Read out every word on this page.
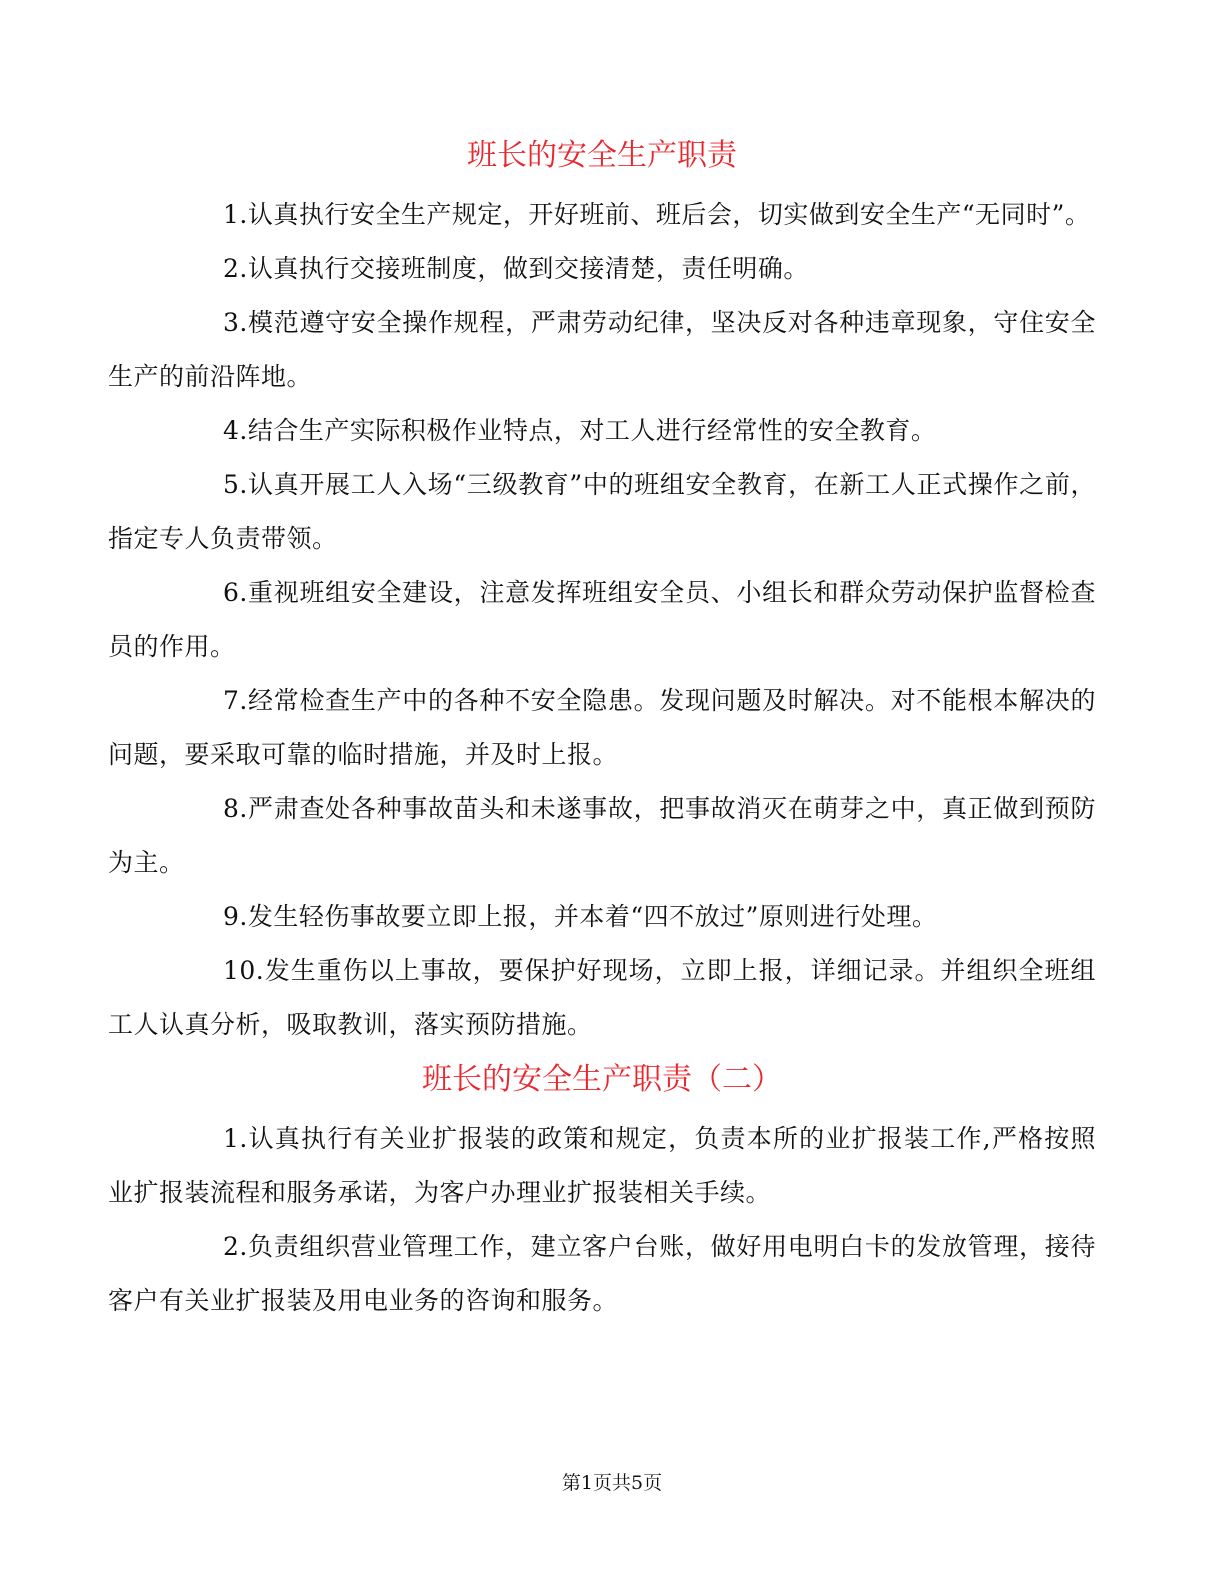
班长的安全生产职责

1.认真执行安全生产规定，开好班前、班后会，切实做到安全生产“无同时”。

2.认真执行交接班制度，做到交接清楚，责任明确。

3.模范遵守安全操作规程，严肃劳动纪律，坚决反对各种违章现象，守住安全生产的前沿阵地。

4.结合生产实际积极作业特点，对工人进行经常性的安全教育。

5.认真开展工人入场“三级教育”中的班组安全教育，在新工人正式操作之前，指定专人负责带领。

6.重视班组安全建设，注意发挥班组安全员、小组长和群众劳动保护监督检查员的作用。

7.经常检查生产中的各种不安全隐患。发现问题及时解决。对不能根本解决的问题，要采取可靠的临时措施，并及时上报。

8.严肃查处各种事故苗头和未遂事故，把事故消灭在萌芽之中，真正做到预防为主。

9.发生轻伤事故要立即上报，并本着“四不放过”原则进行处理。

10.发生重伤以上事故，要保护好现场，立即上报，详细记录。并组织全班组工人认真分析，吸取教训，落实预防措施。

班长的安全生产职责（二）

1.认真执行有关业扩报装的政策和规定，负责本所的业扩报装工作,严格按照业扩报装流程和服务承诺，为客户办理业扩报装相关手续。

2.负责组织营业管理工作，建立客户台账，做好用电明白卡的发放管理，接待客户有关业扩报装及用电业务的咨询和服务。

第1页共5页
